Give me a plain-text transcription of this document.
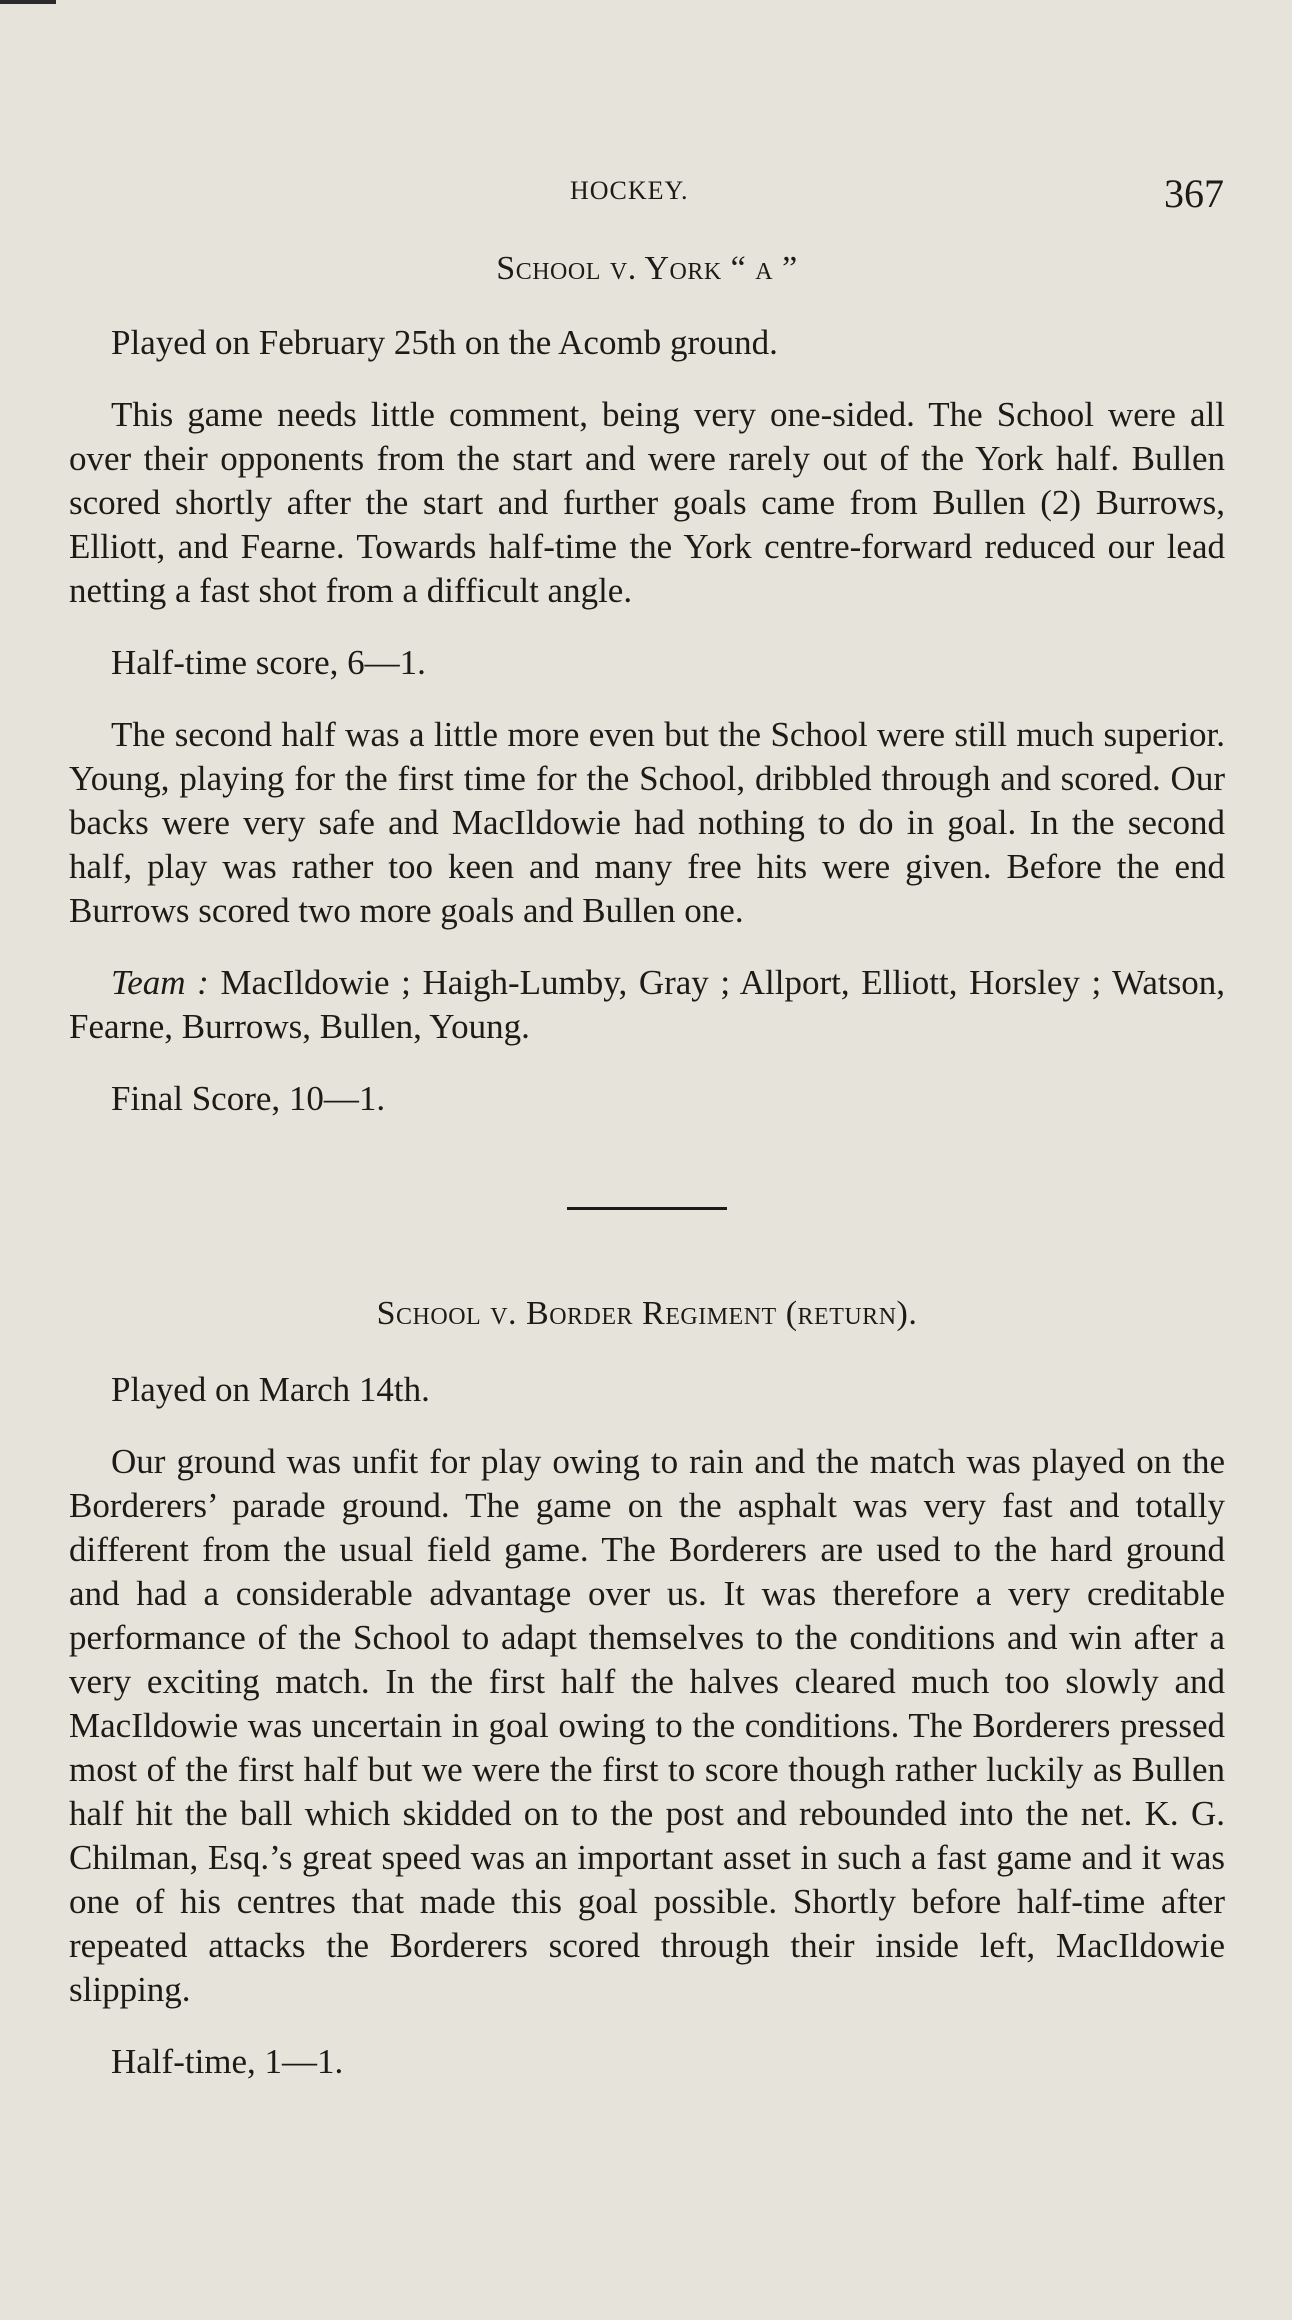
HOCKEY.	367
School v. York “ a ”

Played on February 25th on the Acomb ground.

This game needs little comment, being very one-sided. The School were all over their opponents from the start and were rarely out of the York half. Bullen scored shortly after the start and further goals came from Bullen (2) Burrows, Elliott, and Fearne. Towards half-time the York centre-forward reduced our lead netting a fast shot from a difficult angle.

Half-time score, 6—1.

The second half was a little more even but the School were still much superior. Young, playing for the first time for the School, dribbled through and scored. Our backs were very safe and MacIldowie had nothing to do in goal. In the second half, play was rather too keen and many free hits were given. Before the end Burrows scored two more goals and Bullen one.

Team : MacIldowie ; Haigh-Lumby, Gray ; Allport, Elliott, Horsley ; Watson, Fearne, Burrows, Bullen, Young.

Final Score, 10—1.

School v. Border Regiment (return).

Played on March 14th.

Our ground was unfit for play owing to rain and the match was played on the Borderers’ parade ground. The game on the asphalt was very fast and totally different from the usual field game. The Borderers are used to the hard ground and had a considerable advantage over us. It was therefore a very creditable performance of the School to adapt themselves to the conditions and win after a very exciting match. In the first half the halves cleared much too slowly and MacIldowie was uncertain in goal owing to the conditions. The Borderers pressed most of the first half but we were the first to score though rather luckily as Bullen half hit the ball which skidded on to the post and rebounded into the net. K. G. Chilman, Esq.’s great speed was an important asset in such a fast game and it was one of his centres that made this goal possible. Shortly before half-time after repeated attacks the Borderers scored through their inside left, MacIldowie slipping.

Half-time, 1—1.
